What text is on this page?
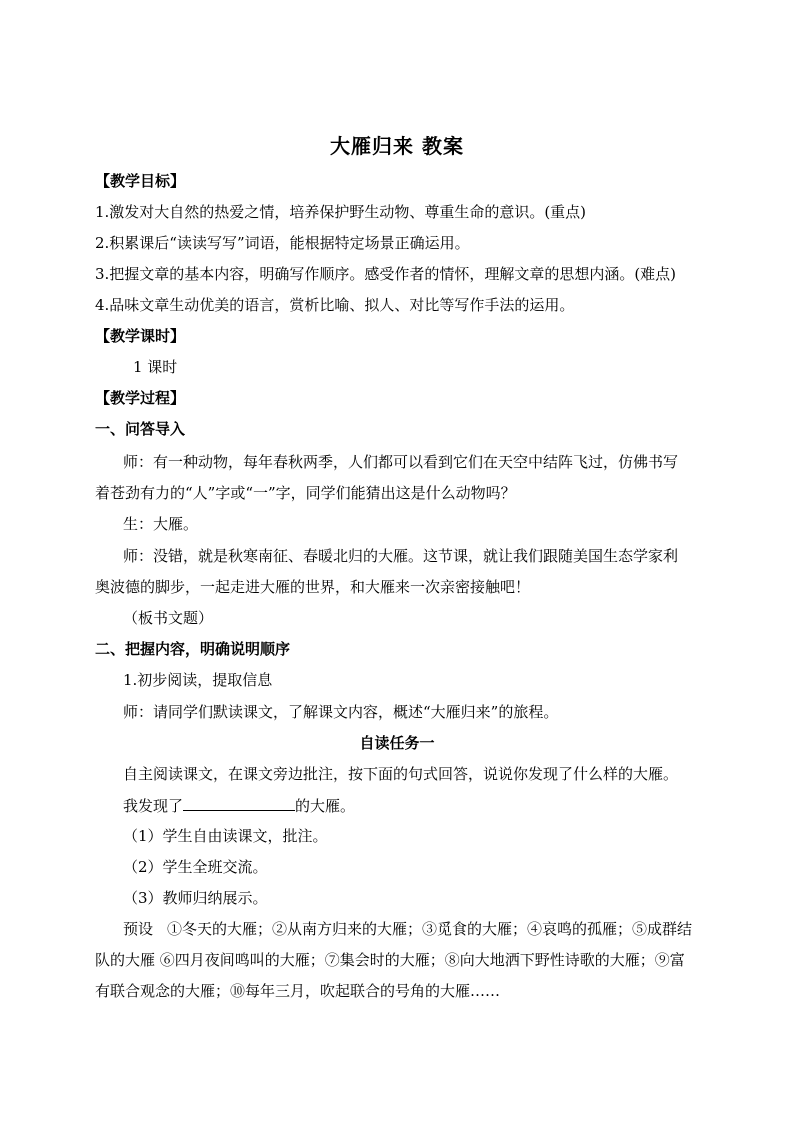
大雁归来 教案
【教学目标】
1.激发对大自然的热爱之情，培养保护野生动物、尊重生命的意识。(重点)
2.积累课后“读读写写”词语，能根据特定场景正确运用。
3.把握文章的基本内容，明确写作顺序。感受作者的情怀，理解文章的思想内涵。(难点)
4.品味文章生动优美的语言，赏析比喻、拟人、对比等写作手法的运用。
【教学课时】
1 课时
【教学过程】
一、问答导入
师：有一种动物，每年春秋两季，人们都可以看到它们在天空中结阵飞过，仿佛书写
着苍劲有力的“人”字或“一”字，同学们能猜出这是什么动物吗？
生：大雁。
师：没错，就是秋寒南征、春暖北归的大雁。这节课，就让我们跟随美国生态学家利
奥波德的脚步，一起走进大雁的世界，和大雁来一次亲密接触吧！
（板书文题）
二、把握内容，明确说明顺序
1.初步阅读，提取信息
师：请同学们默读课文，了解课文内容，概述“大雁归来”的旅程。
自读任务一
自主阅读课文，在课文旁边批注，按下面的句式回答，说说你发现了什么样的大雁。
我发现了	的大雁。
（1）学生自由读课文，批注。
（2）学生全班交流。
（3）教师归纳展示。
预设 ①冬天的大雁；②从南方归来的大雁；③觅食的大雁；④哀鸣的孤雁；⑤成群结
队的大雁 ⑥四月夜间鸣叫的大雁；⑦集会时的大雁；⑧向大地洒下野性诗歌的大雁；⑨富
有联合观念的大雁；⑩每年三月，吹起联合的号角的大雁……
